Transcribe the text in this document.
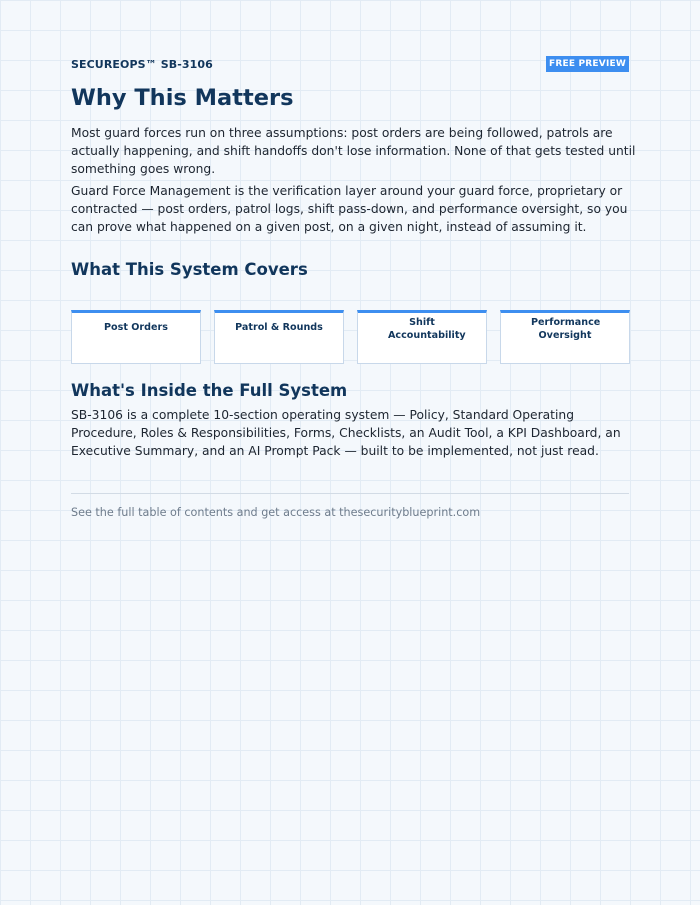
SECUREOPS™ SB-3106	FREE PREVIEW
Why This Matters

Most guard forces run on three assumptions: post orders are being followed, patrols are actually happening, and shift handoffs don't lose information. None of that gets tested until something goes wrong.

Guard Force Management is the verification layer around your guard force, proprietary or contracted — post orders, patrol logs, shift pass-down, and performance oversight, so you can prove what happened on a given post, on a given night, instead of assuming it.

What This System Covers
Post Orders	Patrol & Rounds	Shift Accountability
Performance Oversight
What's Inside the Full System

SB-3106 is a complete 10-section operating system — Policy, Standard Operating Procedure, Roles & Responsibilities, Forms, Checklists, an Audit Tool, a KPI Dashboard, an Executive Summary, and an AI Prompt Pack — built to be implemented, not just read.

See the full table of contents and get access at thesecurityblueprint.com
